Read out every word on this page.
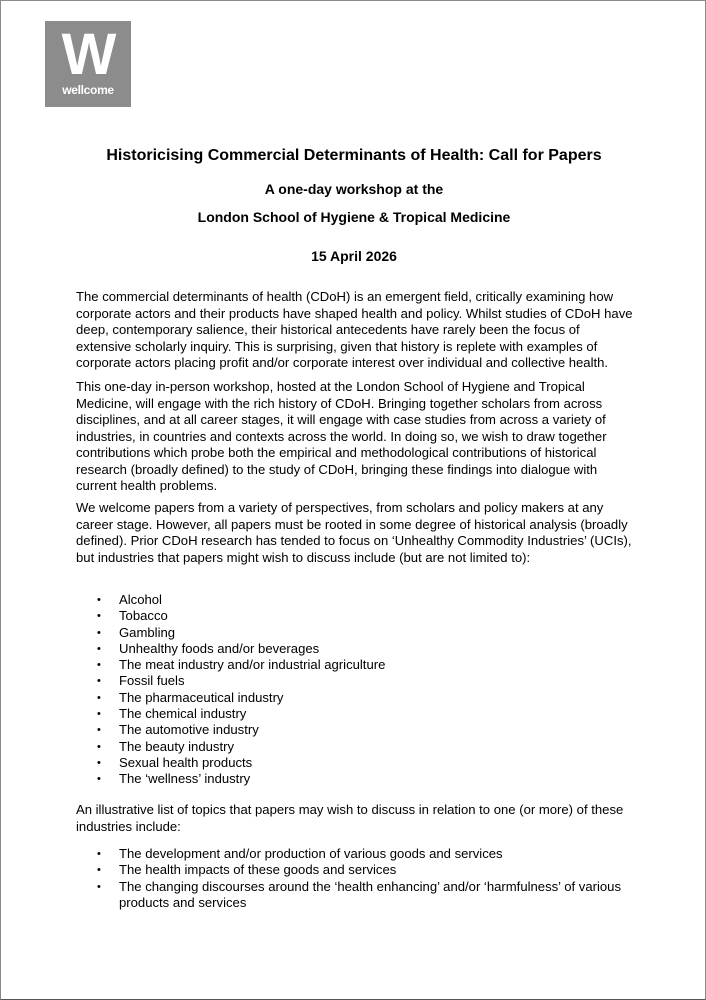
W
wellcome
Historicising Commercial Determinants of Health: Call for Papers
A one-day workshop at the
London School of Hygiene & Tropical Medicine
15 April 2026

The commercial determinants of health (CDoH) is an emergent field, critically examining how corporate actors and their products have shaped health and policy. Whilst studies of CDoH have deep, contemporary salience, their historical antecedents have rarely been the focus of extensive scholarly inquiry. This is surprising, given that history is replete with examples of corporate actors placing profit and/or corporate interest over individual and collective health.

This one-day in-person workshop, hosted at the London School of Hygiene and Tropical Medicine, will engage with the rich history of CDoH. Bringing together scholars from across disciplines, and at all career stages, it will engage with case studies from across a variety of industries, in countries and contexts across the world. In doing so, we wish to draw together contributions which probe both the empirical and methodological contributions of historical research (broadly defined) to the study of CDoH, bringing these findings into dialogue with current health problems.

We welcome papers from a variety of perspectives, from scholars and policy makers at any career stage. However, all papers must be rooted in some degree of historical analysis (broadly defined). Prior CDoH research has tended to focus on ‘Unhealthy Commodity Industries’ (UCIs), but industries that papers might wish to discuss include (but are not limited to):

• Alcohol
• Tobacco
• Gambling
• Unhealthy foods and/or beverages
• The meat industry and/or industrial agriculture
• Fossil fuels
• The pharmaceutical industry
• The chemical industry
• The automotive industry
• The beauty industry
• Sexual health products
• The ‘wellness’ industry

An illustrative list of topics that papers may wish to discuss in relation to one (or more) of these industries include:

• The development and/or production of various goods and services
• The health impacts of these goods and services
• The changing discourses around the ‘health enhancing’ and/or ‘harmfulness’ of various products and services
